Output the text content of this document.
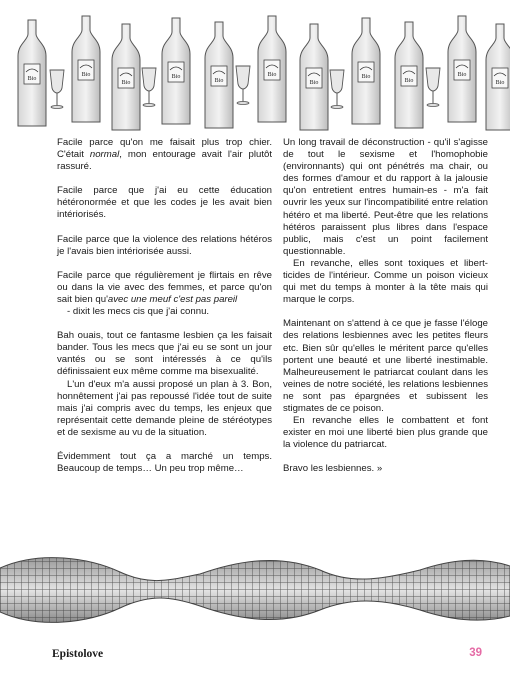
Bio

Facile parce qu'on me faisait plus trop chier. C'était normal, mon entourage avait l'air plutôt rassuré.

Facile parce que j'ai eu cette éducation hétéronormée et que les codes je les avait bien intériorisés.

Facile parce que la violence des relations hétéros je l'avais bien intériorisée aussi.

Facile parce que régulièrement je flirtais en rêve ou dans la vie avec des femmes, et parce qu'on sait bien qu'avec une meuf c'est pas pareil

- dixit les mecs cis que j'ai connu.

Bah ouais, tout ce fantasme lesbien ça les faisait bander. Tous les mecs que j'ai eu se sont un jour vantés ou se sont intéressés à ce qu'ils définissaient eux même comme ma bisexualité.

L'un d'eux m'a aussi proposé un plan à 3. Bon, honnêtement j'ai pas repoussé l'idée tout de suite mais j'ai compris avec du temps, les enjeux que représentait cette demande pleine de stéréotypes et de sexisme au vu de la situation.

Évidemment tout ça a marché un temps. Beaucoup de temps… Un peu trop même…

Un long travail de déconstruction - qu'il s'agisse de tout le sexisme et l'homophobie (environnants) qui ont pénétrés ma chair, ou des formes d'amour et du rapport à la jalousie qu'on entretient entres humain-es - m'a fait ouvrir les yeux sur l'incompatibilité entre relation hétéro et ma liberté. Peut-être que les relations hétéros paraissent plus libres dans l'espace public, mais c'est un point facilement questionnable.

En revanche, elles sont toxiques et libert-ticides de l'intérieur. Comme un poison vicieux qui met du temps à monter à la tête mais qui marque le corps.

Maintenant on s'attend à ce que je fasse l'éloge des relations lesbiennes avec les petites fleurs etc. Bien sûr qu'elles le méritent parce qu'elles portent une beauté et une liberté inestimable. Malheureusement le patriarcat coulant dans les veines de notre société, les relations lesbiennes ne sont pas épargnées et subissent les stigmates de ce poison.

En revanche elles le combattent et font exister en moi une liberté bien plus grande que la violence du patriarcat.

Bravo les lesbiennes. »

Epistolove	39
